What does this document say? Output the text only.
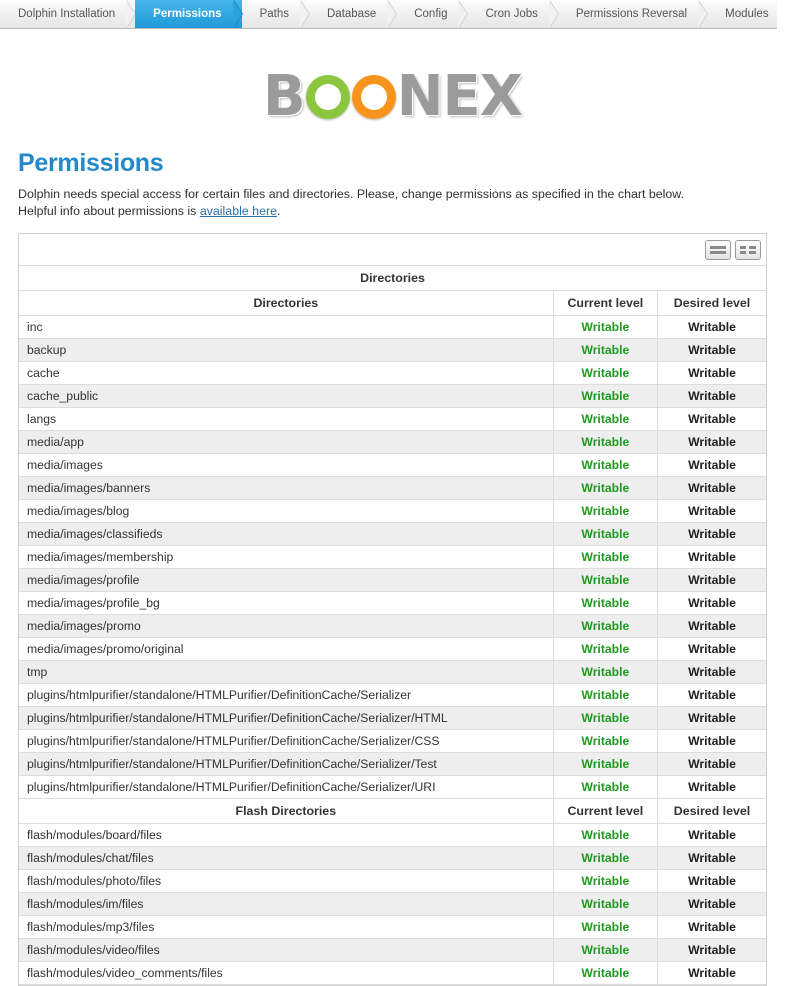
Dolphin Installation	Permissions	Paths	Database	Config	Cron Jobs	Permissions Reversal	Modules
B NEX
Permissions

Dolphin needs special access for certain files and directories. Please, change permissions as specified in the chart below.
Helpful info about permissions is available here.

Directories		
Directories	Current level	Desired level
inc	Writable	Writable
backup	Writable	Writable
cache	Writable	Writable
cache_public	Writable	Writable
langs	Writable	Writable
media/app	Writable	Writable
media/images	Writable	Writable
media/images/banners	Writable	Writable
media/images/blog	Writable	Writable
media/images/classifieds	Writable	Writable
media/images/membership	Writable	Writable
media/images/profile	Writable	Writable
media/images/profile_bg	Writable	Writable
media/images/promo	Writable	Writable
media/images/promo/original	Writable	Writable
tmp	Writable	Writable
plugins/htmlpurifier/standalone/HTMLPurifier/DefinitionCache/Serializer	Writable	Writable
plugins/htmlpurifier/standalone/HTMLPurifier/DefinitionCache/Serializer/HTML	Writable	Writable
plugins/htmlpurifier/standalone/HTMLPurifier/DefinitionCache/Serializer/CSS	Writable	Writable
plugins/htmlpurifier/standalone/HTMLPurifier/DefinitionCache/Serializer/Test	Writable	Writable
plugins/htmlpurifier/standalone/HTMLPurifier/DefinitionCache/Serializer/URI	Writable	Writable
Flash Directories	Current level	Desired level
flash/modules/board/files	Writable	Writable
flash/modules/chat/files	Writable	Writable
flash/modules/photo/files	Writable	Writable
flash/modules/im/files	Writable	Writable
flash/modules/mp3/files	Writable	Writable
flash/modules/video/files	Writable	Writable
flash/modules/video_comments/files	Writable	Writable
